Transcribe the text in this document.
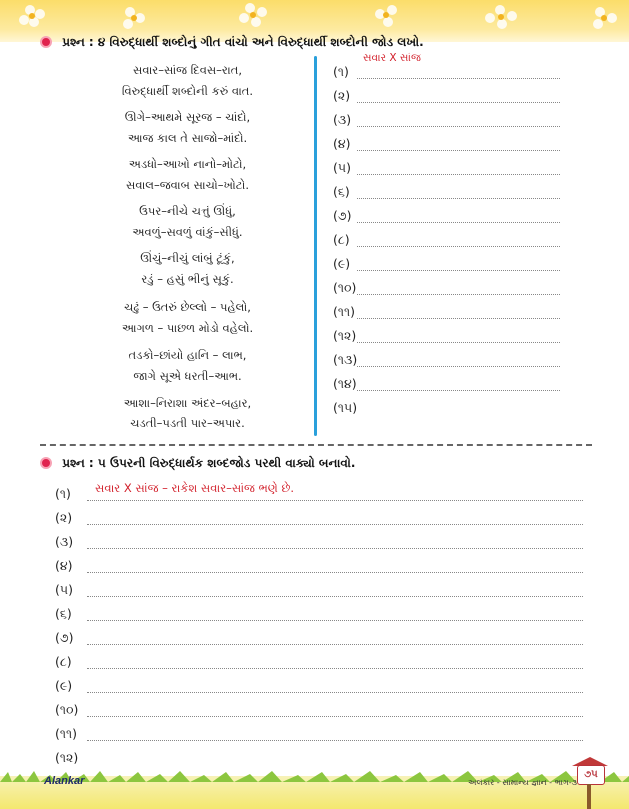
પ્રશ્ન : ૪ વિરુદ્ધાર્થી શબ્દોનું ગીત વાંચો અને વિરુદ્ધાર્થી શબ્દોની જોડ લખો.
સવાર–સાંજ દિવસ–રાત,
વિરુદ્ધાર્થી શબ્દોની કરું વાત.
ઊગે–આથમે સૂરજ – ચાંદો,
આજ કાલ તે સાજો–માંદો.
અડધો–આખો નાનો–મોટો,
સવાલ–જવાબ સાચો–ખોટો.
ઉપર–નીચે ચત્તું ઊંધું,
અવળું–સવળું વાંકું–સીધું.
ઊંચું–નીચું લાંબું ટૂંકું,
રડું – હસું ભીનું સૂકું.
ચઢું – ઉતરું છેલ્લો – પહેલો,
આગળ – પાછળ મોડો વહેલો.
તડકો–છાંયો હાનિ – લાભ,
જાગે સૂએ ધરતી–આભ.
આશા–નિરાશા અંદર–બહાર,
ચડતી–પડતી પાર–અપાર.
(૧)
સવાર X સાંજ
(૨)
(૩)
(૪)
(૫)
(૬)
(૭)
(૮)
(૯)
(૧૦)
(૧૧)
(૧૨)
(૧૩)
(૧૪)
(૧૫)
પ્રશ્ન : ૫ ઉપરની વિરુદ્ધાર્થક શબ્દજોડ પરથી વાક્યો બનાવો.
(૧) સવાર X સાંજ – રાકેશ સવાર–સાંજ ભણે છે.
(૨)
(૩)
(૪)
(૫)
(૬)
(૭)
(૮)
(૯)
(૧૦)
(૧૧)
(૧૨)
Alankar	અલંકાર - સામાન્ય જ્ઞાન - ભાગ-૩
૭૫
